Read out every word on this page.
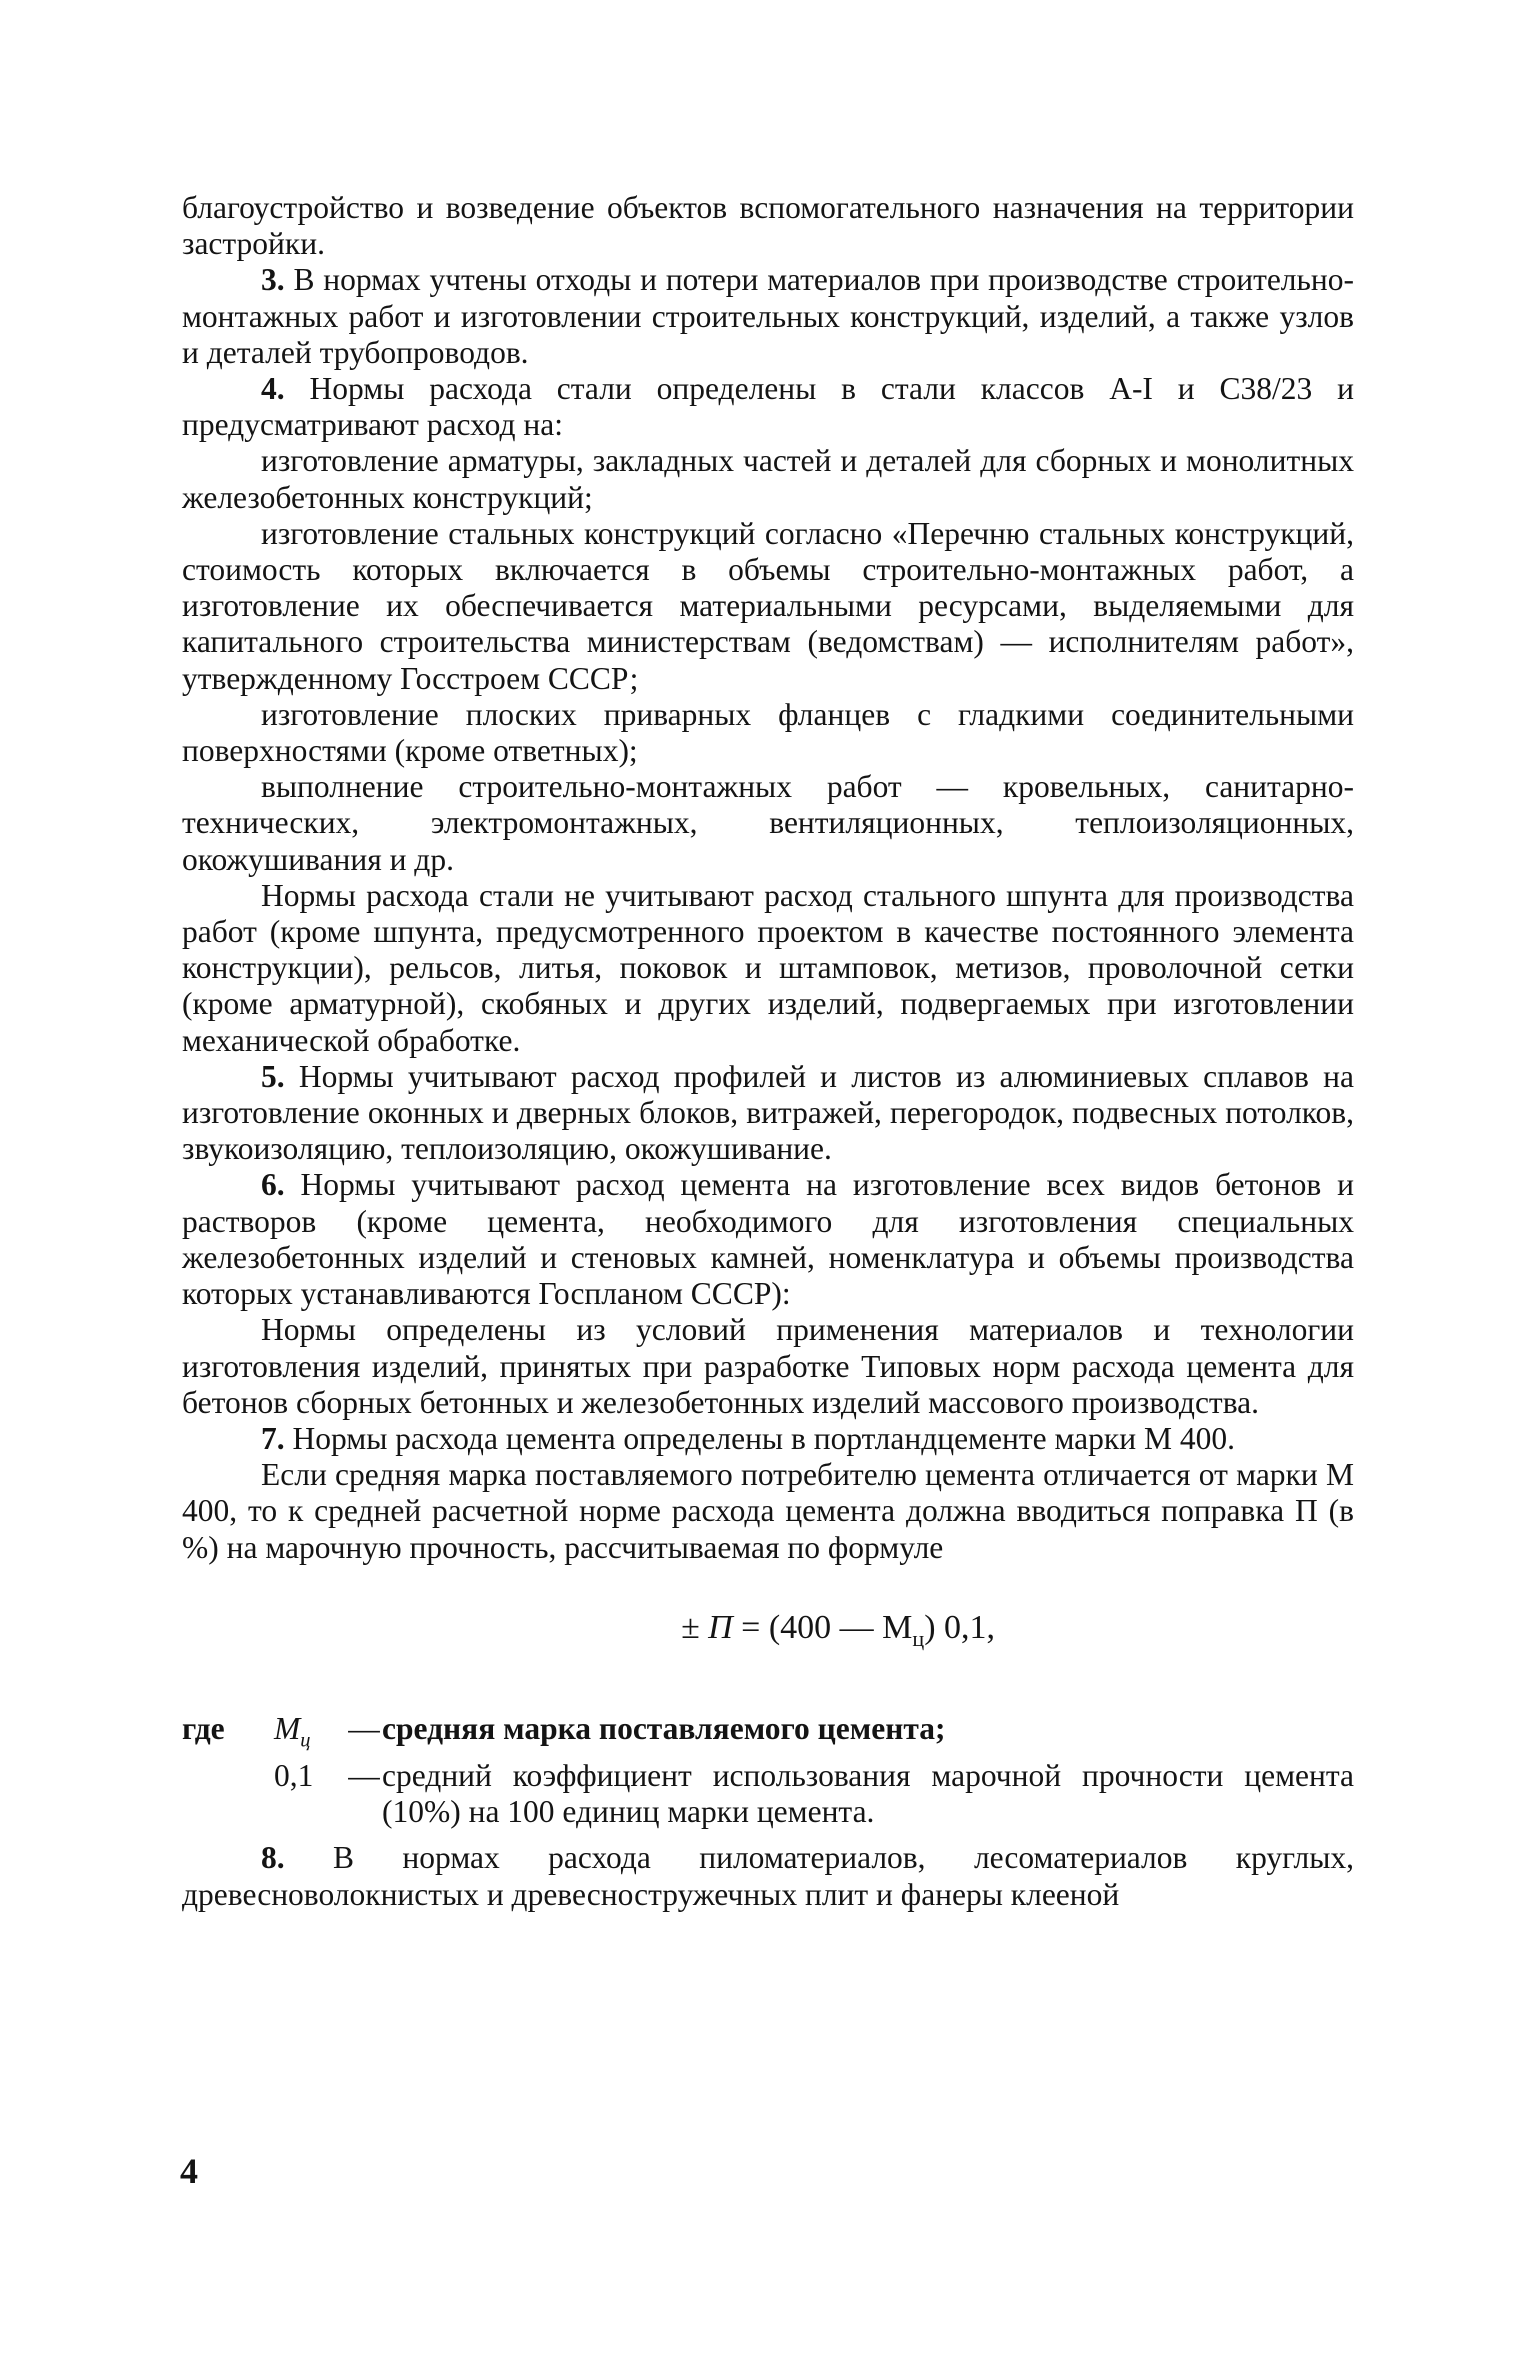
благоустройство и возведение объектов вспомогательного назначения на территории застройки.

3. В нормах учтены отходы и потери материалов при производстве строительно-монтажных работ и изготовлении строительных конструкций, изделий, а также узлов и деталей трубопроводов.

4. Нормы расхода стали определены в стали классов А-I и С38/23 и предусматривают расход на:

изготовление арматуры, закладных частей и деталей для сборных и монолитных железобетонных конструкций;

изготовление стальных конструкций согласно «Перечню стальных конструкций, стоимость которых включается в объемы строительно-монтажных работ, а изготовление их обеспечивается материальными ресурсами, выделяемыми для капитального строительства министерствам (ведомствам) — исполнителям работ», утвержденному Госстроем СССР;

изготовление плоских приварных фланцев с гладкими соединительными поверхностями (кроме ответных);

выполнение строительно-монтажных работ — кровельных, санитарно-технических, электромонтажных, вентиляционных, теплоизоляционных, окожушивания и др.

Нормы расхода стали не учитывают расход стального шпунта для производства работ (кроме шпунта, предусмотренного проектом в качестве постоянного элемента конструкции), рельсов, литья, поковок и штамповок, метизов, проволочной сетки (кроме арматурной), скобяных и других изделий, подвергаемых при изготовлении механической обработке.

5. Нормы учитывают расход профилей и листов из алюминиевых сплавов на изготовление оконных и дверных блоков, витражей, перегородок, подвесных потолков, звукоизоляцию, теплоизоляцию, окожушивание.

6. Нормы учитывают расход цемента на изготовление всех видов бетонов и растворов (кроме цемента, необходимого для изготовления специальных железобетонных изделий и стеновых камней, номенклатура и объемы производства которых устанавливаются Госпланом СССР):

Нормы определены из условий применения материалов и технологии изготовления изделий, принятых при разработке Типовых норм расхода цемента для бетонов сборных бетонных и железобетонных изделий массового производства.

7. Нормы расхода цемента определены в портландцементе марки М 400.

Если средняя марка поставляемого потребителю цемента отличается от марки М 400, то к средней расчетной норме расхода цемента должна вводиться поправка П (в %) на марочную прочность, рассчитываемая по формуле

± П = (400 — $М_ц$) 0,1,
где	$М_ц$	— средняя марка поставляемого цемента;
0,1	— средний коэффициент использования марочной прочности цемента (10%) на 100 единиц марки цемента.

8. В нормах расхода пиломатериалов, лесоматериалов круглых, древесноволокнистых и древесностружечных плит и фанеры клееной

4
